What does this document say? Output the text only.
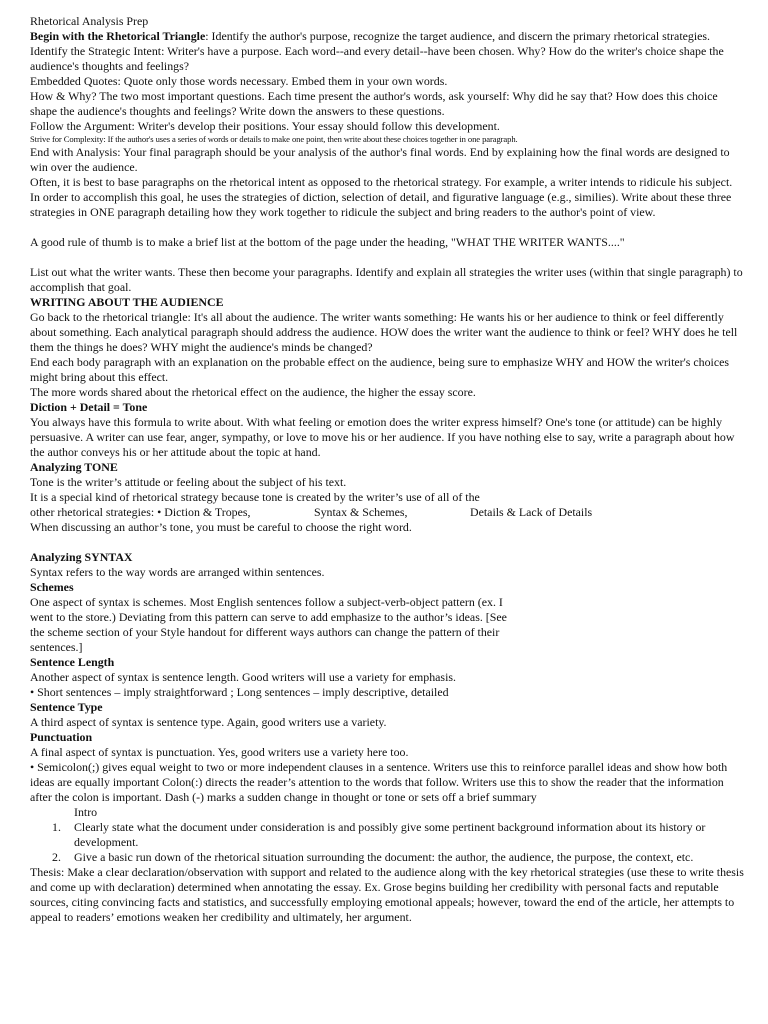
Rhetorical Analysis Prep

Begin with the Rhetorical Triangle: Identify the author's purpose, recognize the target audience, and discern the primary rhetorical strategies.

Identify the Strategic Intent: Writer's have a purpose. Each word--and every detail--have been chosen. Why? How do the writer's choice shape the audience's thoughts and feelings?

Embedded Quotes: Quote only those words necessary. Embed them in your own words.

How & Why? The two most important questions. Each time present the author's words, ask yourself: Why did he say that? How does this choice shape the audience's thoughts and feelings? Write down the answers to these questions.

Follow the Argument: Writer's develop their positions. Your essay should follow this development.

Strive for Complexity: If the author's uses a series of words or details to make one point, then write about these choices together in one paragraph.

End with Analysis: Your final paragraph should be your analysis of the author's final words. End by explaining how the final words are designed to win over the audience.

Often, it is best to base paragraphs on the rhetorical intent as opposed to the rhetorical strategy. For example, a writer intends to ridicule his subject. In order to accomplish this goal, he uses the strategies of diction, selection of detail, and figurative language (e.g., similies). Write about these three strategies in ONE paragraph detailing how they work together to ridicule the subject and bring readers to the author's point of view.

A good rule of thumb is to make a brief list at the bottom of the page under the heading, "WHAT THE WRITER WANTS...."

List out what the writer wants. These then become your paragraphs. Identify and explain all strategies the writer uses (within that single paragraph) to accomplish that goal.

WRITING ABOUT THE AUDIENCE

Go back to the rhetorical triangle: It's all about the audience. The writer wants something: He wants his or her audience to think or feel differently about something. Each analytical paragraph should address the audience. HOW does the writer want the audience to think or feel? WHY does he tell them the things he does? WHY might the audience's minds be changed?

End each body paragraph with an explanation on the probable effect on the audience, being sure to emphasize WHY and HOW the writer's choices might bring about this effect.

The more words shared about the rhetorical effect on the audience, the higher the essay score.

Diction + Detail = Tone

You always have this formula to write about. With what feeling or emotion does the writer express himself? One's tone (or attitude) can be highly persuasive. A writer can use fear, anger, sympathy, or love to move his or her audience. If you have nothing else to say, write a paragraph about how the author conveys his or her attitude about the topic at hand.

Analyzing TONE

Tone is the writer’s attitude or feeling about the subject of his text.

It is a special kind of rhetorical strategy because tone is created by the writer’s use of all of the

other rhetorical strategies: • Diction & Tropes,	Syntax & Schemes,	Details & Lack of Details

When discussing an author’s tone, you must be careful to choose the right word.

Analyzing SYNTAX

Syntax refers to the way words are arranged within sentences.

Schemes

One aspect of syntax is schemes. Most English sentences follow a subject-verb-object pattern (ex. I went to the store.) Deviating from this pattern can serve to add emphasize to the author’s ideas. [See the scheme section of your Style handout for different ways authors can change the pattern of their sentences.]

Sentence Length

Another aspect of syntax is sentence length. Good writers will use a variety for emphasis.

• Short sentences – imply straightforward ; Long sentences – imply descriptive, detailed

Sentence Type

A third aspect of syntax is sentence type. Again, good writers use a variety.

Punctuation

A final aspect of syntax is punctuation. Yes, good writers use a variety here too.

• Semicolon(;) gives equal weight to two or more independent clauses in a sentence. Writers use this to reinforce parallel ideas and show how both ideas are equally important Colon(:) directs the reader’s attention to the words that follow. Writers use this to show the reader that the information after the colon is important. Dash (-) marks a sudden change in thought or tone or sets off a brief summary

Intro

1. Clearly state what the document under consideration is and possibly give some pertinent background information about its history or development.
2. Give a basic run down of the rhetorical situation surrounding the document: the author, the audience, the purpose, the context, etc.

Thesis: Make a clear declaration/observation with support and related to the audience along with the key rhetorical strategies (use these to write thesis and come up with declaration) determined when annotating the essay. Ex. Grose begins building her credibility with personal facts and reputable sources, citing convincing facts and statistics, and successfully employing emotional appeals; however, toward the end of the article, her attempts to appeal to readers’ emotions weaken her credibility and ultimately, her argument.
